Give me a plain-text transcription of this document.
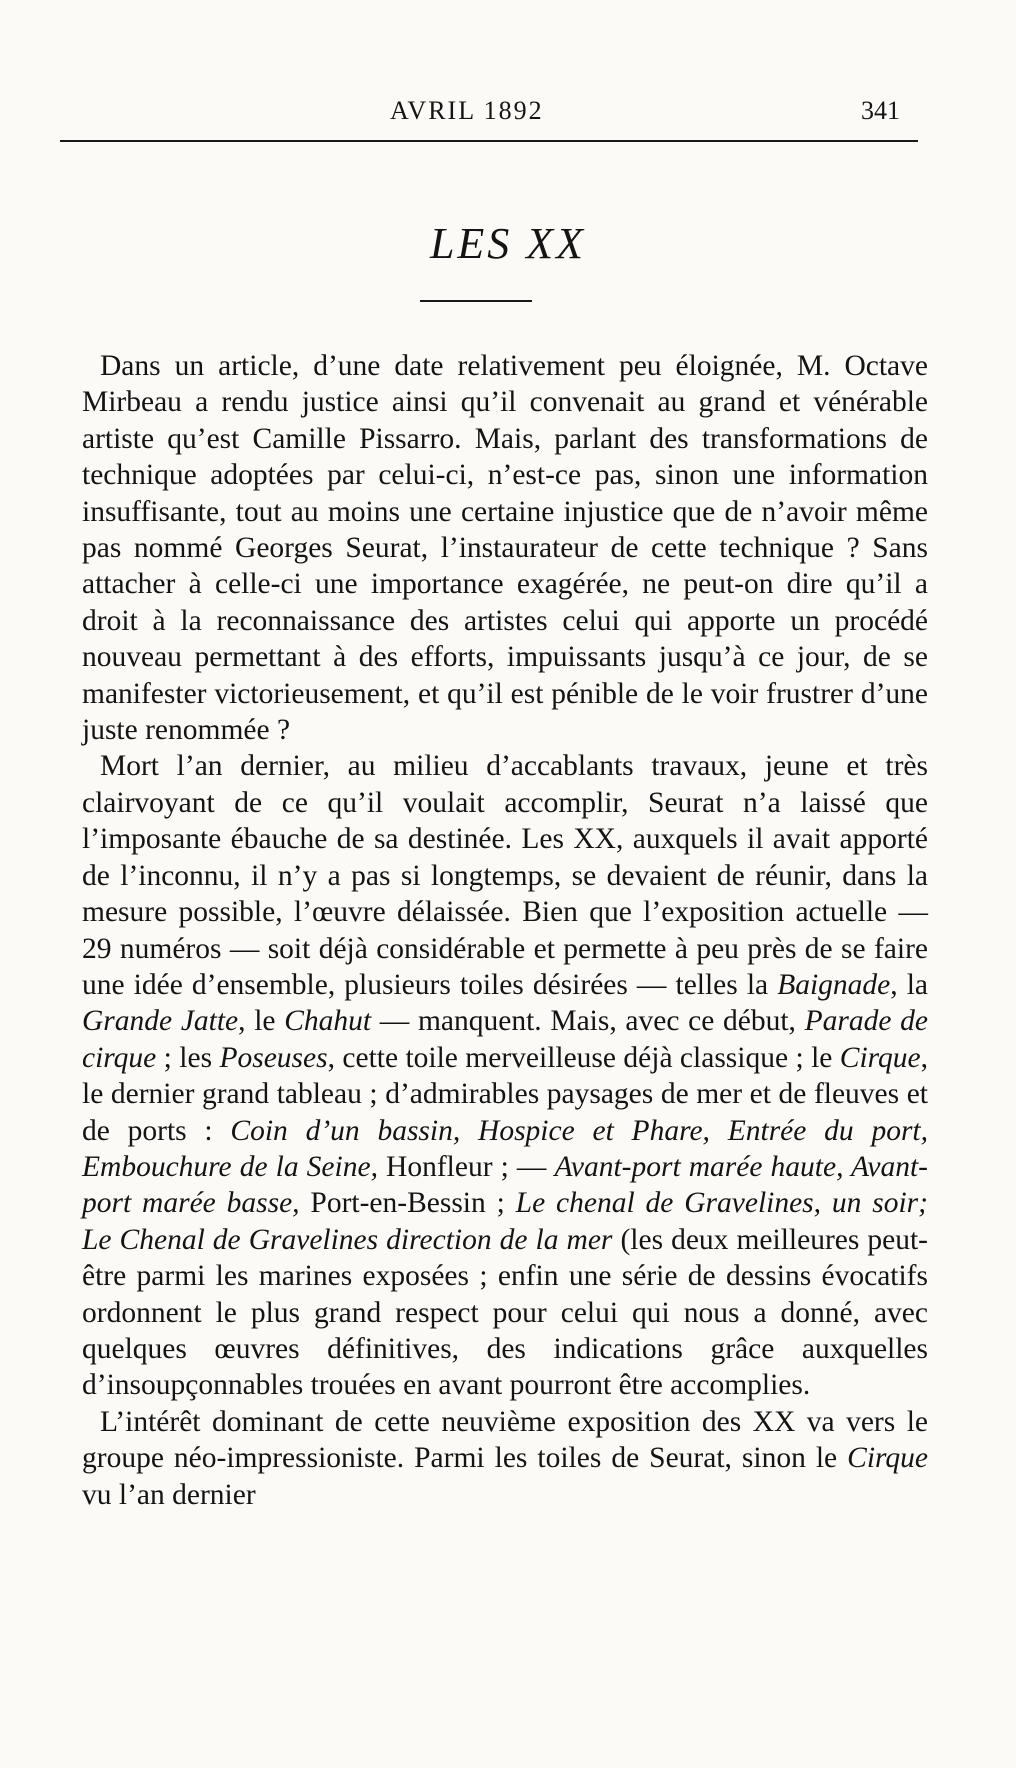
AVRIL 1892	341
LES XX

Dans un article, d’une date relativement peu éloignée, M. Octave Mirbeau a rendu justice ainsi qu’il convenait au grand et vénérable artiste qu’est Camille Pissarro. Mais, parlant des transformations de technique adoptées par celui-ci, n’est-ce pas, sinon une information insuffisante, tout au moins une certaine injustice que de n’avoir même pas nommé Georges Seurat, l’instaurateur de cette technique ? Sans attacher à celle-ci une importance exagérée, ne peut-on dire qu’il a droit à la reconnaissance des artistes celui qui apporte un procédé nouveau permettant à des efforts, impuissants jusqu’à ce jour, de se manifester victorieusement, et qu’il est pénible de le voir frustrer d’une juste renommée ?

Mort l’an dernier, au milieu d’accablants travaux, jeune et très clairvoyant de ce qu’il voulait accomplir, Seurat n’a laissé que l’imposante ébauche de sa destinée. Les XX, auxquels il avait apporté de l’inconnu, il n’y a pas si longtemps, se devaient de réunir, dans la mesure possible, l’œuvre délaissée. Bien que l’exposition actuelle — 29 numéros — soit déjà considérable et permette à peu près de se faire une idée d’ensemble, plusieurs toiles désirées — telles la Baignade, la Grande Jatte, le Chahut — manquent. Mais, avec ce début, Parade de cirque ; les Poseuses, cette toile merveilleuse déjà classique ; le Cirque, le dernier grand tableau ; d’admirables paysages de mer et de fleuves et de ports : Coin d’un bassin, Hospice et Phare, Entrée du port, Embouchure de la Seine, Honfleur ; — Avant-port marée haute, Avant-port marée basse, Port-en-Bessin ; Le chenal de Gravelines, un soir; Le Chenal de Gravelines direction de la mer (les deux meilleures peut-être parmi les marines exposées ; enfin une série de dessins évocatifs ordonnent le plus grand respect pour celui qui nous a donné, avec quelques œuvres définitives, des indications grâce auxquelles d’insoupçonnables trouées en avant pourront être accomplies.

L’intérêt dominant de cette neuvième exposition des XX va vers le groupe néo-impressioniste. Parmi les toiles de Seurat, sinon le Cirque vu l’an dernier
